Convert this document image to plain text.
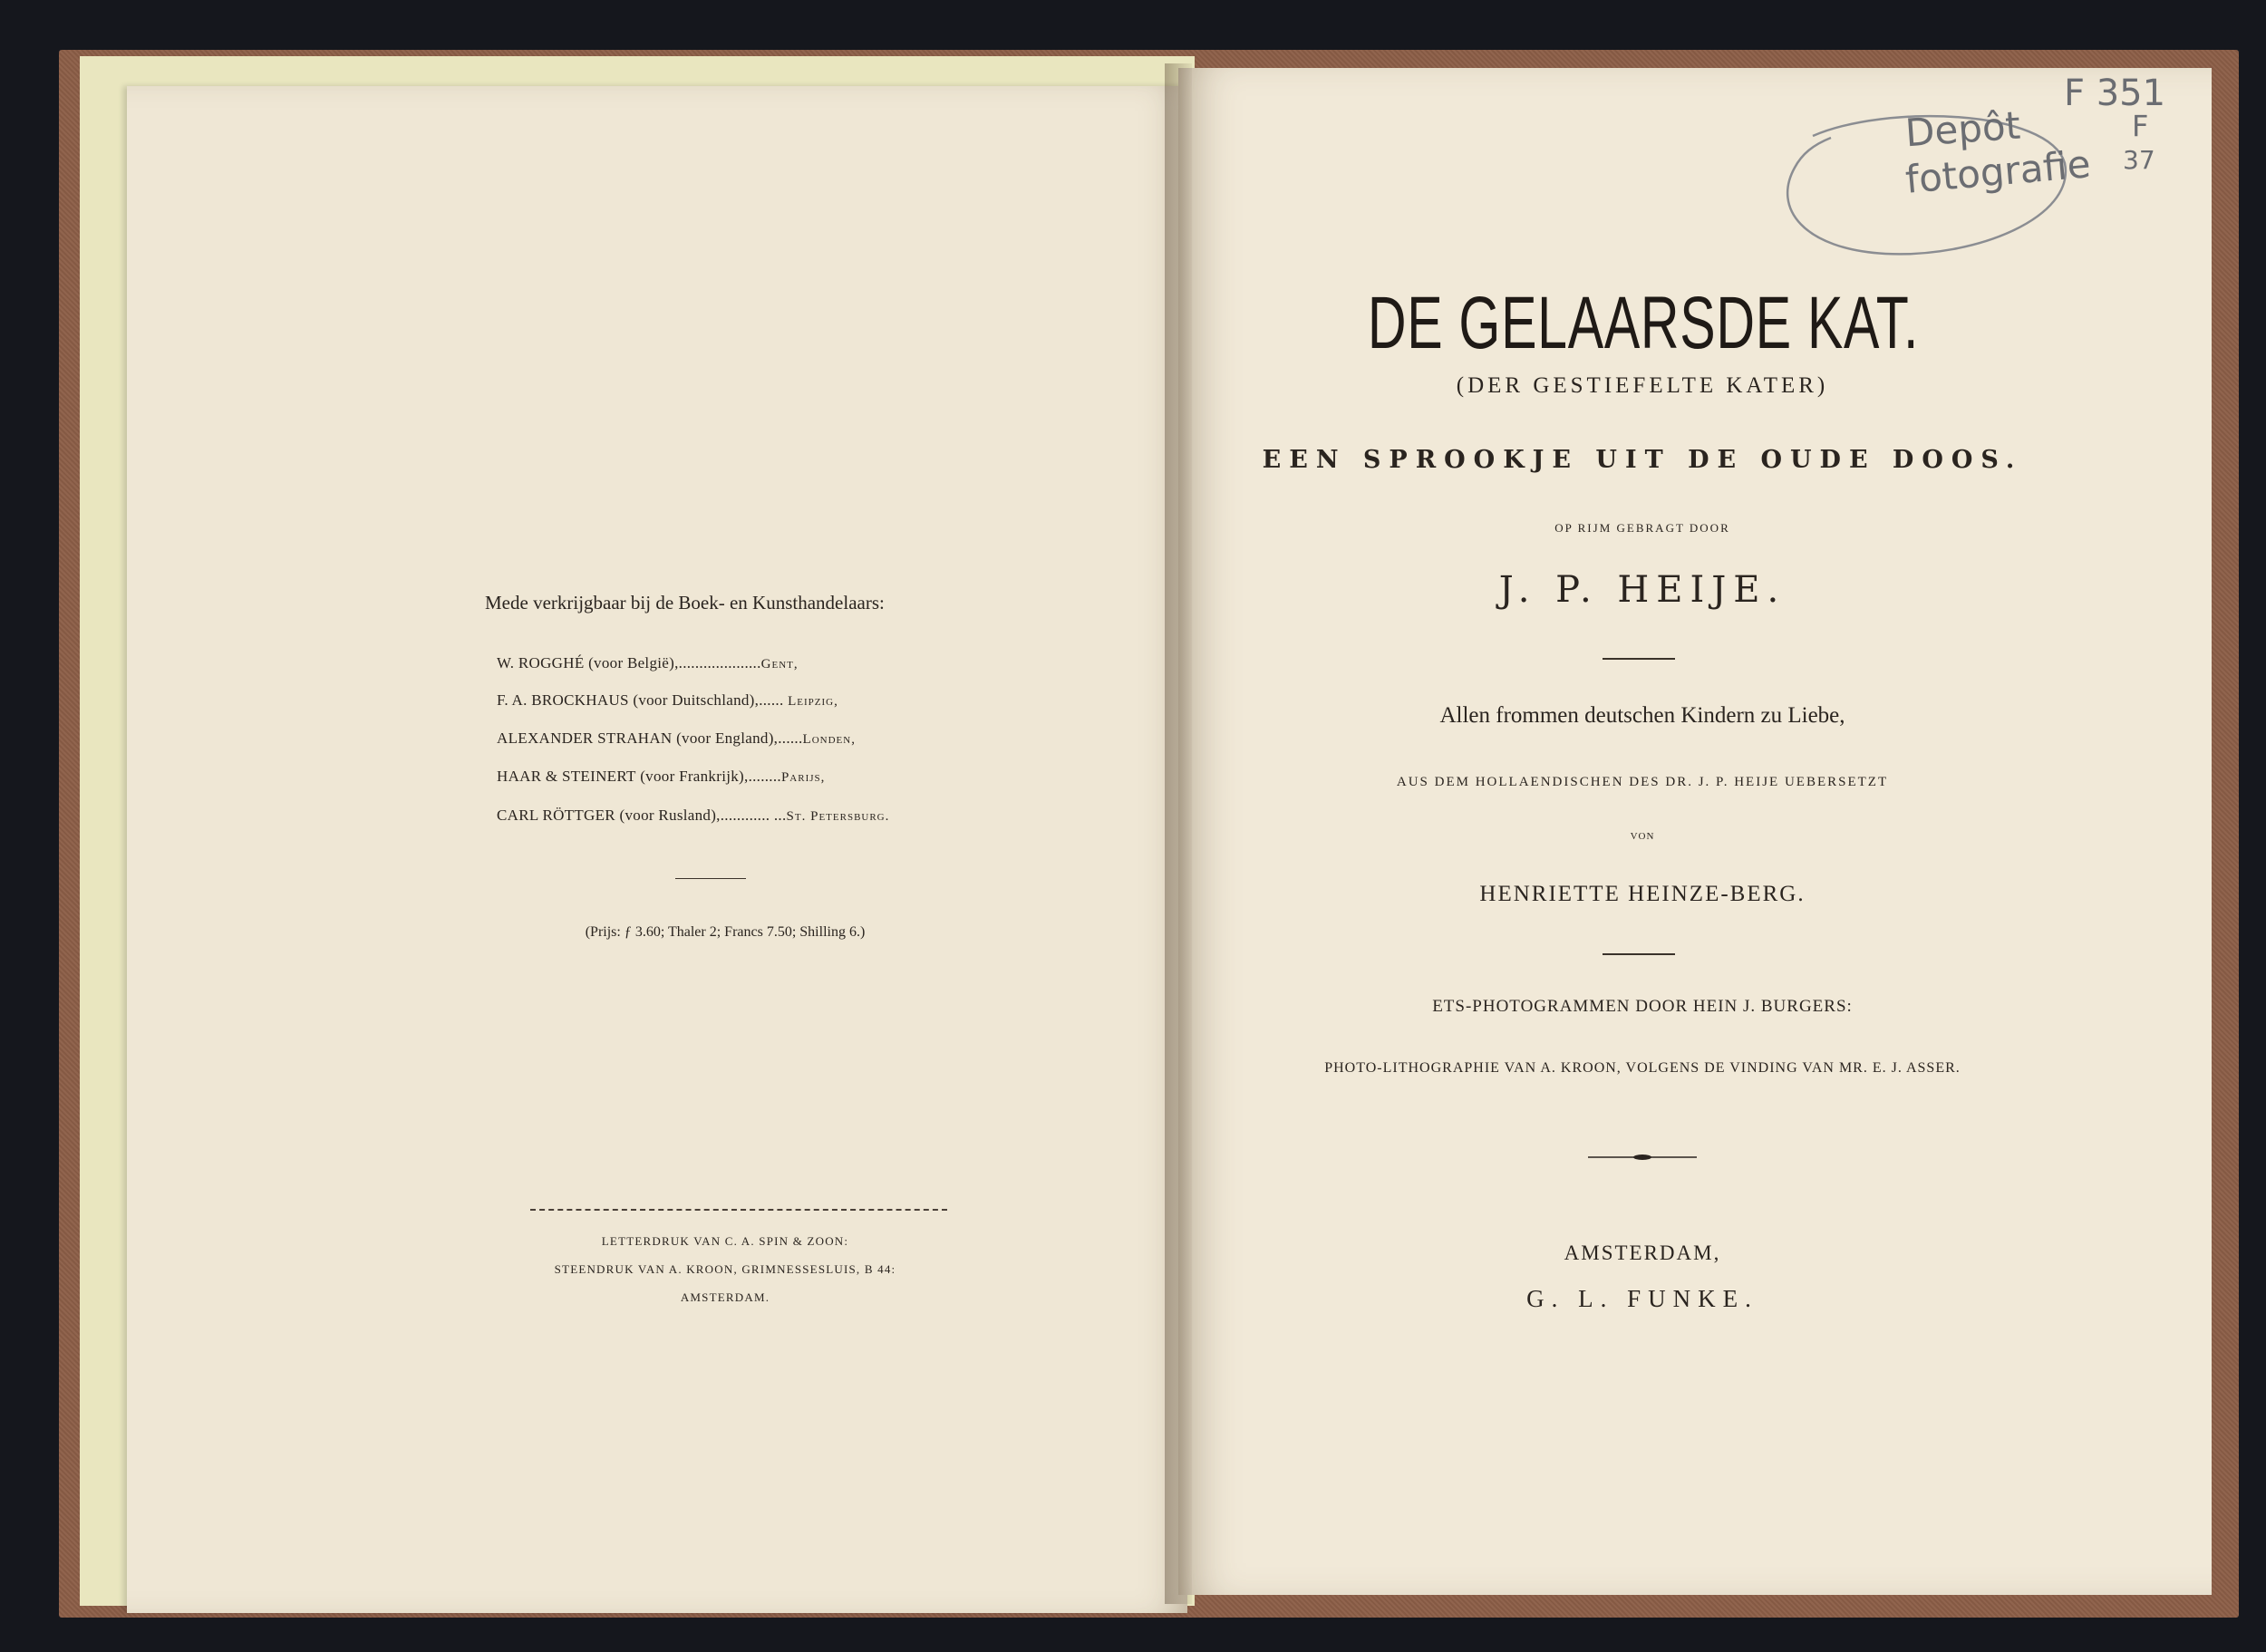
Mede verkrijgbaar bij de Boek- en Kunsthandelaars:
W. ROGGHÉ (voor België),....................Gent,
F. A. BROCKHAUS (voor Duitschland),...... Leipzig,
ALEXANDER STRAHAN (voor England),......Londen,
HAAR & STEINERT (voor Frankrijk),........Parijs,
CARL RÖTTGER (voor Rusland),............ ...St. Petersburg.
(Prijs: ƒ 3.60; Thaler 2; Francs 7.50; Shilling 6.)
LETTERDRUK VAN C. A. SPIN & ZOON:
STEENDRUK VAN A. KROON, GRIMNESSESLUIS, B 44:
AMSTERDAM.
DE GELAARSDE KAT.
(DER GESTIEFELTE KATER)
EEN SPROOKJE UIT DE OUDE DOOS.
OP RIJM GEBRAGT DOOR
J. P. HEIJE.
Allen frommen deutschen Kindern zu Liebe,
AUS DEM HOLLAENDISCHEN DES DR. J. P. HEIJE UEBERSETZT
VON
HENRIETTE HEINZE-BERG.
ETS-PHOTOGRAMMEN DOOR HEIN J. BURGERS:
PHOTO-LITHOGRAPHIE VAN A. KROON, VOLGENS DE VINDING VAN MR. E. J. ASSER.
AMSTERDAM,
G. L. FUNKE.
Depôt
fotografie
F 351
F
37
